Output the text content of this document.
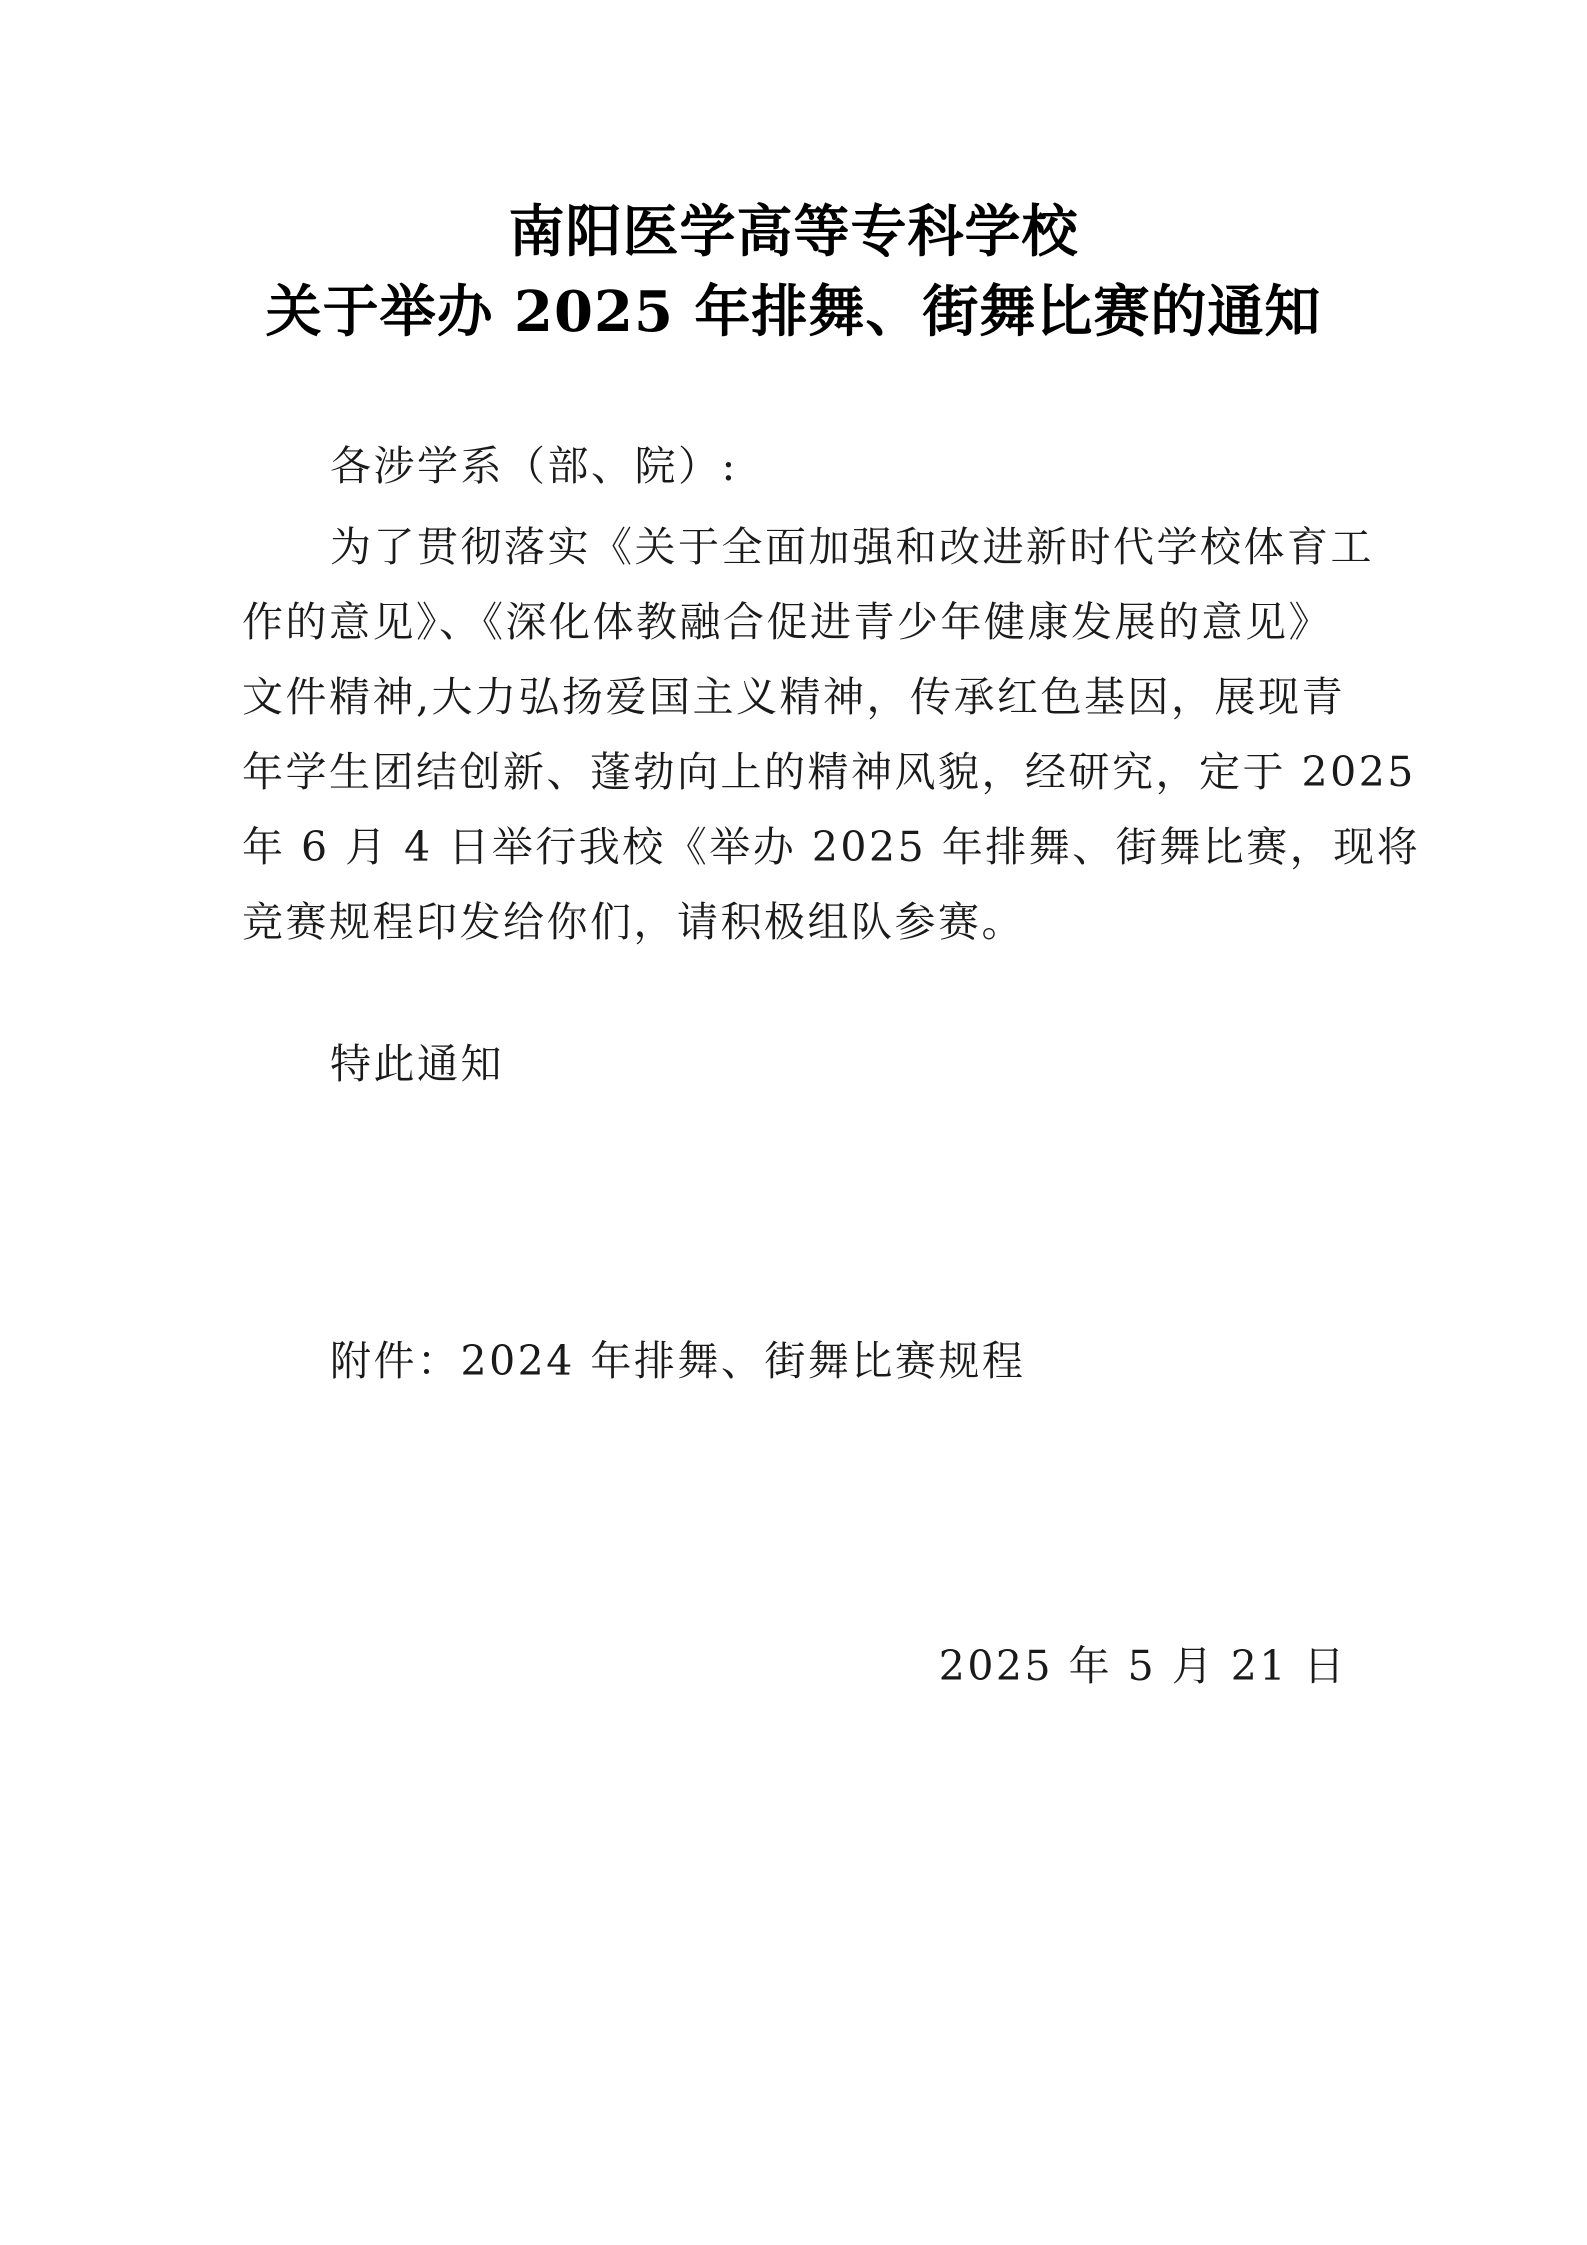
南阳医学高等专科学校
关于举办 2025 年排舞、街舞比赛的通知
各涉学系（部、院）:
为了贯彻落实《关于全面加强和改进新时代学校体育工
作的意见》、《深化体教融合促进青少年健康发展的意见》
文件精神,大力弘扬爱国主义精神，传承红色基因，展现青
年学生团结创新、蓬勃向上的精神风貌，经研究，定于 2025
年 6 月 4 日举行我校《举办 2025 年排舞、街舞比赛，现将
竞赛规程印发给你们，请积极组队参赛。
特此通知
附件：2024 年排舞、街舞比赛规程
2025 年 5 月 21 日
